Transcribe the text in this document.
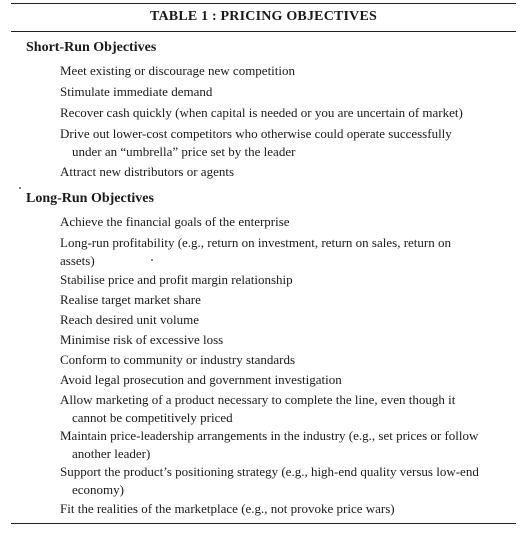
TABLE 1 : PRICING OBJECTIVES
Short-Run Objectives
Meet existing or discourage new competition
Stimulate immediate demand
Recover cash quickly (when capital is needed or you are uncertain of market)
Drive out lower-cost competitors who otherwise could operate successfully
under an “umbrella” price set by the leader
Attract new distributors or agents
Long-Run Objectives
Achieve the financial goals of the enterprise
Long-run profitability (e.g., return on investment, return on sales, return on
assets)
Stabilise price and profit margin relationship
Realise target market share
Reach desired unit volume
Minimise risk of excessive loss
Conform to community or industry standards
Avoid legal prosecution and government investigation
Allow marketing of a product necessary to complete the line, even though it
cannot be competitively priced
Maintain price-leadership arrangements in the industry (e.g., set prices or follow
another leader)
Support the product’s positioning strategy (e.g., high-end quality versus low-end
economy)
Fit the realities of the marketplace (e.g., not provoke price wars)
